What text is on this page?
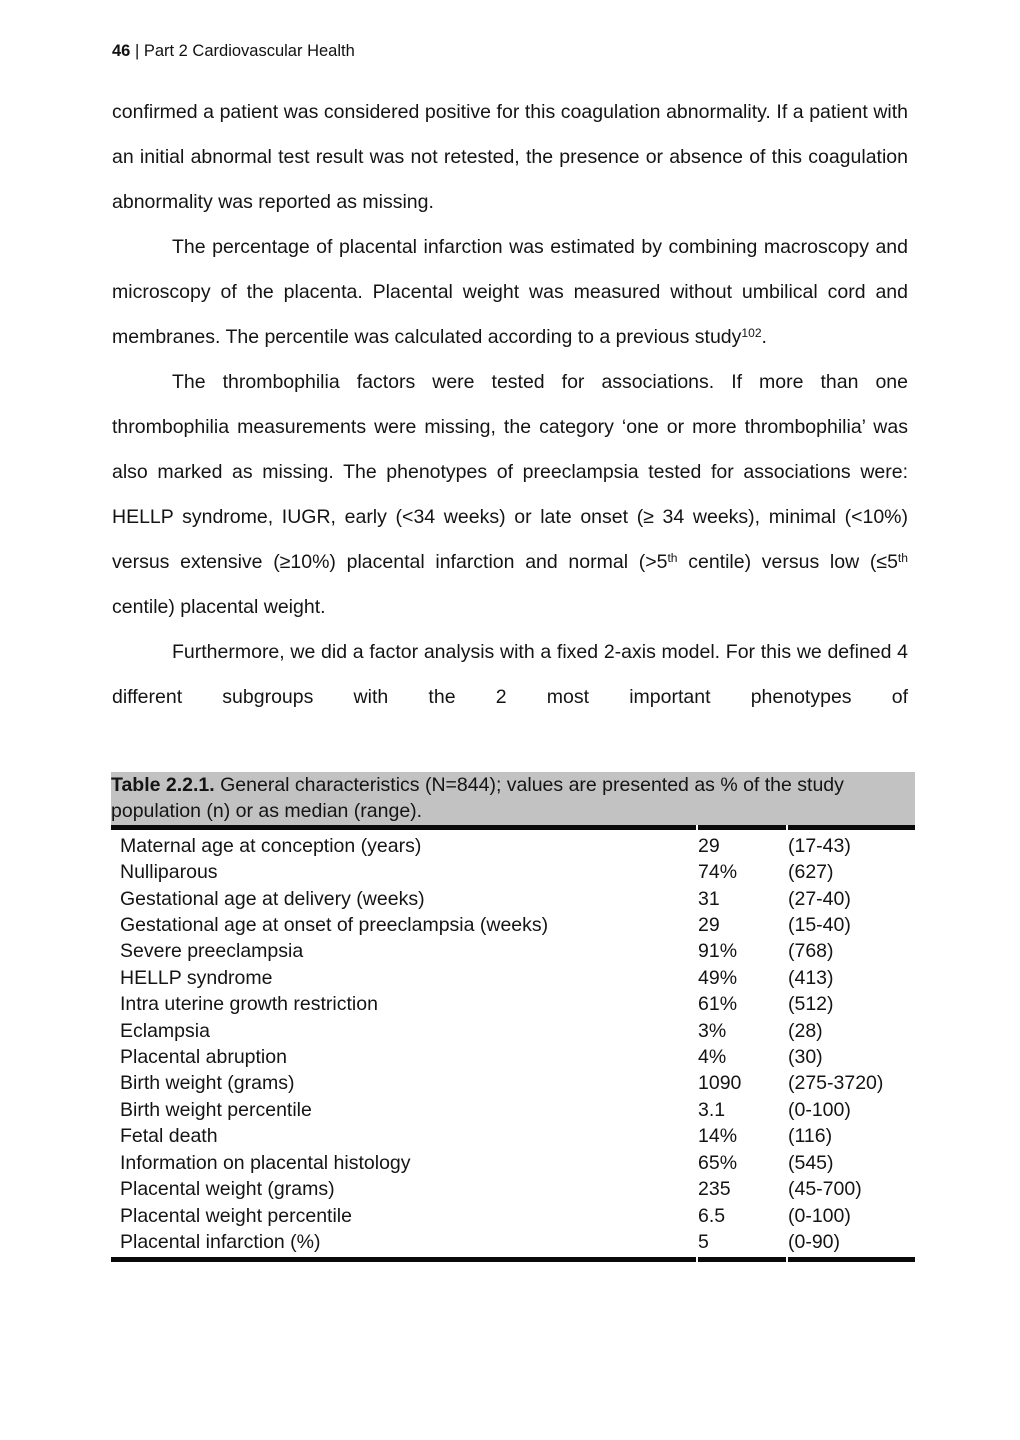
46 | Part 2 Cardiovascular Health

confirmed a patient was considered positive for this coagulation abnormality. If a patient with an initial abnormal test result was not retested, the presence or absence of this coagulation abnormality was reported as missing.

The percentage of placental infarction was estimated by combining macroscopy and microscopy of the placenta. Placental weight was measured without umbilical cord and membranes. The percentile was calculated according to a previous study$^{102}$.

The thrombophilia factors were tested for associations. If more than one thrombophilia measurements were missing, the category ‘one or more thrombophilia’ was also marked as missing. The phenotypes of preeclampsia tested for associations were: HELLP syndrome, IUGR, early (<34 weeks) or late onset (≥ 34 weeks), minimal (<10%) versus extensive (≥10%) placental infarction and normal (>5th centile) versus low (≤5th centile) placental weight.

Furthermore, we did a factor analysis with a fixed 2-axis model. For this we defined 4 different subgroups with the 2 most important phenotypes of

Table 2.2.1. General characteristics (N=844); values are presented as % of the study population (n) or as median (range).		
Maternal age at conception (years)	29	(17-43)
Nulliparous	74%	(627)
Gestational age at delivery (weeks)	31	(27-40)
Gestational age at onset of preeclampsia (weeks)	29	(15-40)
Severe preeclampsia	91%	(768)
HELLP syndrome	49%	(413)
Intra uterine growth restriction	61%	(512)
Eclampsia	3%	(28)
Placental abruption	4%	(30)
Birth weight (grams)	1090	(275-3720)
Birth weight percentile	3.1	(0-100)
Fetal death	14%	(116)
Information on placental histology	65%	(545)
Placental weight (grams)	235	(45-700)
Placental weight percentile	6.5	(0-100)
Placental infarction (%)	5	(0-90)
